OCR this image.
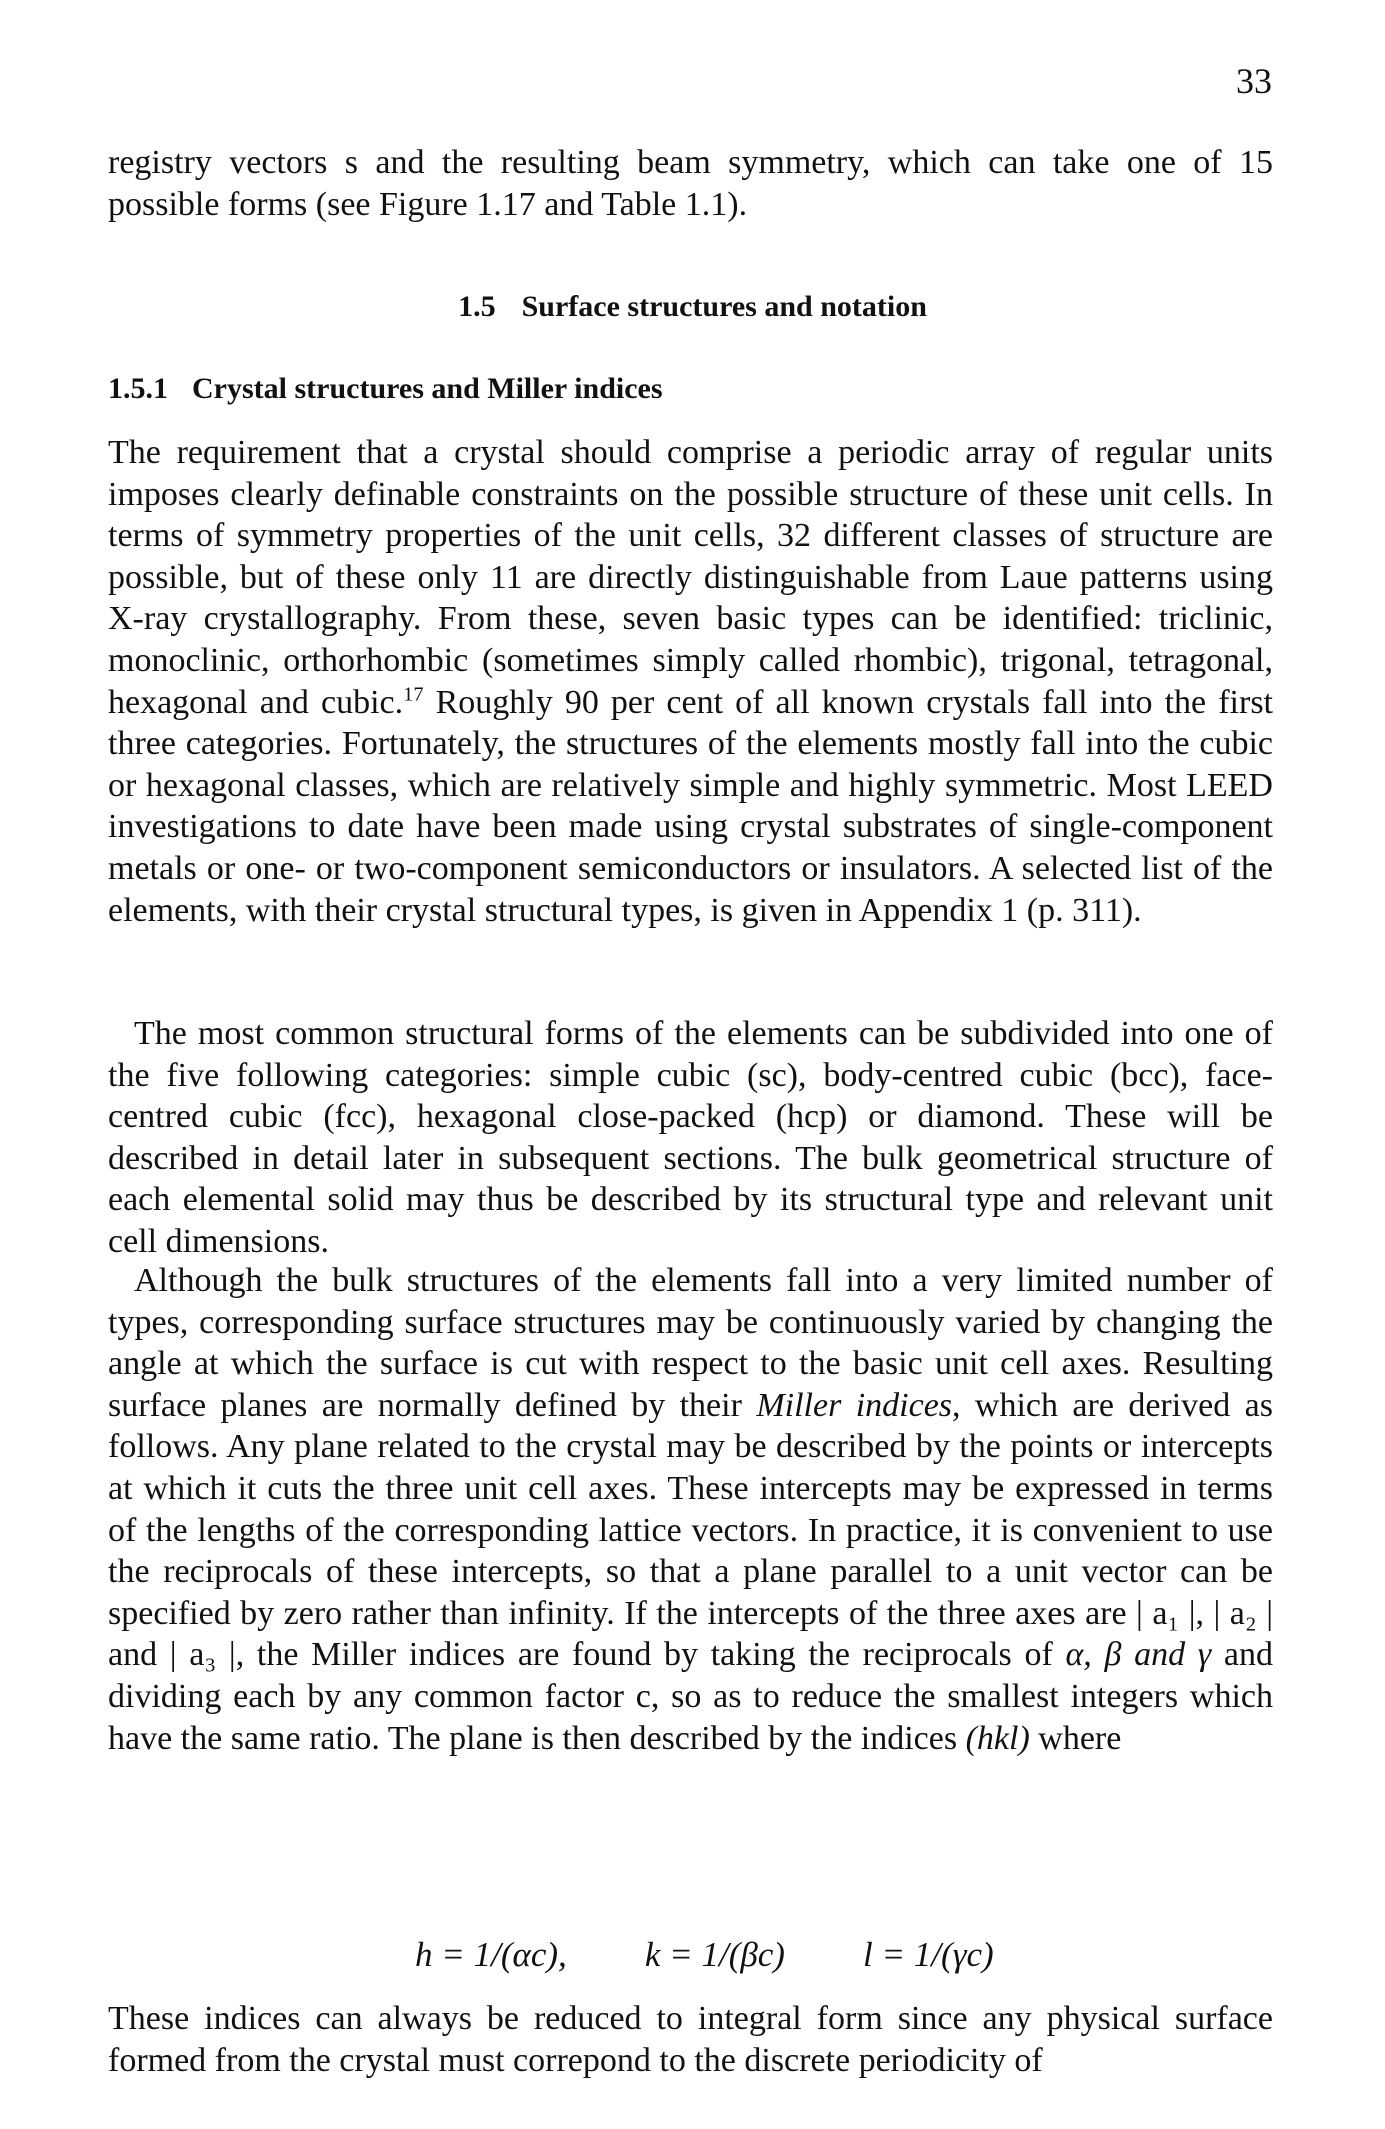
33

registry vectors s and the resulting beam symmetry, which can take one of 15 possible forms (see Figure 1.17 and Table 1.1).

1.5 Surface structures and notation
1.5.1 Crystal structures and Miller indices

The requirement that a crystal should comprise a periodic array of regular units imposes clearly definable constraints on the possible structure of these unit cells. In terms of symmetry properties of the unit cells, 32 different classes of structure are possible, but of these only 11 are directly distinguishable from Laue patterns using X-ray crystallography. From these, seven basic types can be identified: triclinic, monoclinic, orthorhombic (sometimes simply called rhombic), trigonal, tetragonal, hexagonal and cubic.$^{17}$ Roughly 90 per cent of all known crystals fall into the first three categories. Fortunately, the structures of the elements mostly fall into the cubic or hexagonal classes, which are relatively simple and highly symmetric. Most LEED investigations to date have been made using crystal substrates of single-component metals or one- or two-component semiconductors or insulators. A selected list of the elements, with their crystal structural types, is given in Appendix 1 (p. 311).

The most common structural forms of the elements can be subdivided into one of the five following categories: simple cubic (sc), body-centred cubic (bcc), face-centred cubic (fcc), hexagonal close-packed (hcp) or diamond. These will be described in detail later in subsequent sections. The bulk geometrical structure of each elemental solid may thus be described by its structural type and relevant unit cell dimensions.

Although the bulk structures of the elements fall into a very limited number of types, corresponding surface structures may be continuously varied by changing the angle at which the surface is cut with respect to the basic unit cell axes. Resulting surface planes are normally defined by their Miller indices, which are derived as follows. Any plane related to the crystal may be described by the points or intercepts at which it cuts the three unit cell axes. These intercepts may be expressed in terms of the lengths of the corresponding lattice vectors. In practice, it is convenient to use the reciprocals of these intercepts, so that a plane parallel to a unit vector can be specified by zero rather than infinity. If the intercepts of the three axes are | a₁ |, | a₂ | and | a₃ |, the Miller indices are found by taking the reciprocals of α, β and γ and dividing each by any common factor c, so as to reduce the smallest integers which have the same ratio. The plane is then described by the indices (hkl) where

h = 1/(αc), k = 1/(βc) l = 1/(γc)

These indices can always be reduced to integral form since any physical surface formed from the crystal must correpond to the discrete periodicity of
